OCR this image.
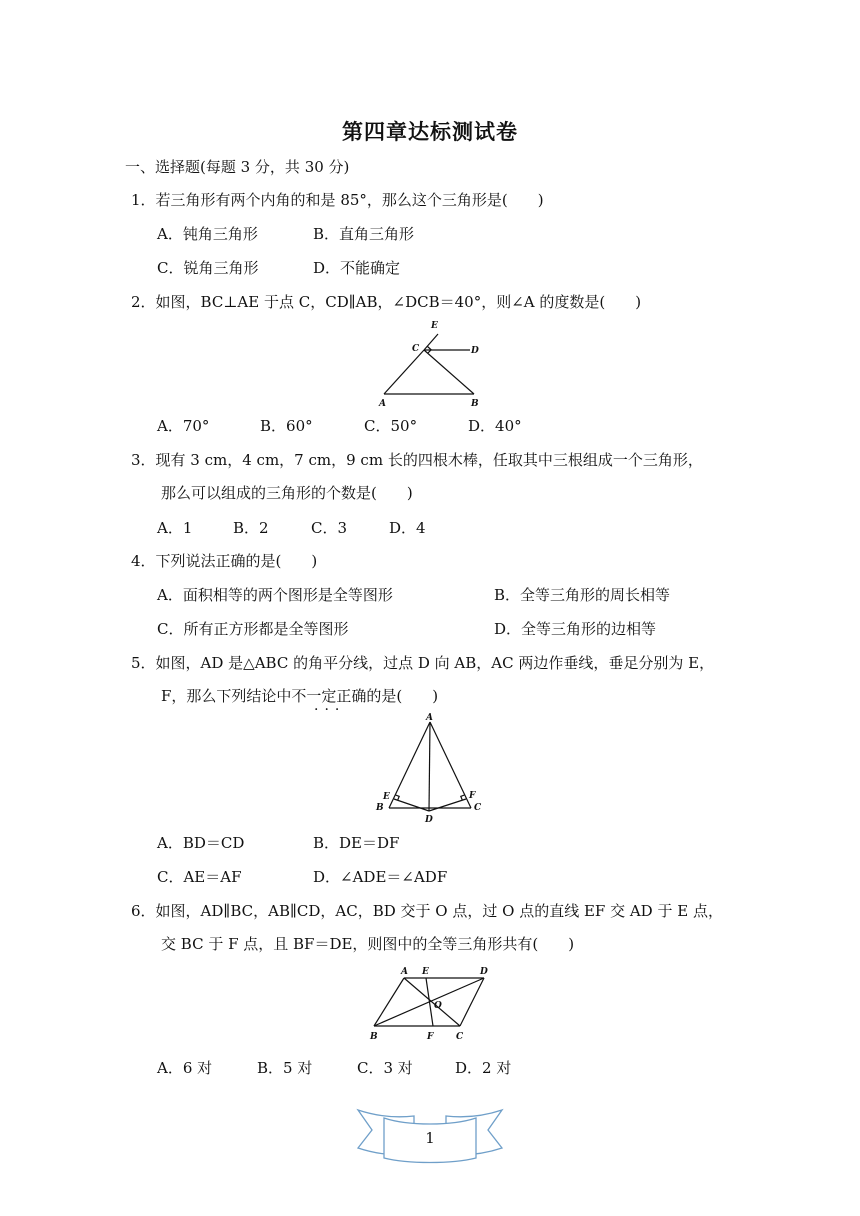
第四章达标测试卷
一、选择题(每题 3 分，共 30 分)
1．若三角形有两个内角的和是 85°，那么这个三角形是(　　)
A．钝角三角形	B．直角三角形
C．锐角三角形	D．不能确定
2．如图，BC⊥AE 于点 C，CD∥AB，∠DCB＝40°，则∠A 的度数是(　　)
E
C	D
A	B
A．70°	B．60°	C．50°	D．40°
3．现有 3 cm，4 cm，7 cm，9 cm 长的四根木棒，任取其中三根组成一个三角形，
那么可以组成的三角形的个数是(　　)
A．1	B．2	C．3	D．4
4．下列说法正确的是(　　)
A．面积相等的两个图形是全等图形	B．全等三角形的周长相等
C．所有正方形都是全等图形	D．全等三角形的边相等
5．如图，AD 是△ABC 的角平分线，过点 D 向 AB，AC 两边作垂线，垂足分别为 E，
F，那么下列结论中不一定正确的是(　　)
···	A
E	F
B	C
D
A．BD＝CD	B．DE＝DF
C．AE＝AF	D．∠ADE＝∠ADF
6．如图，AD∥BC，AB∥CD，AC，BD 交于 O 点，过 O 点的直线 EF 交 AD 于 E 点，
交 BC 于 F 点，且 BF＝DE，则图中的全等三角形共有(　　)
A E	D
O
B	F	C
A．6 对	B．5 对	C．3 对	D．2 对
1
